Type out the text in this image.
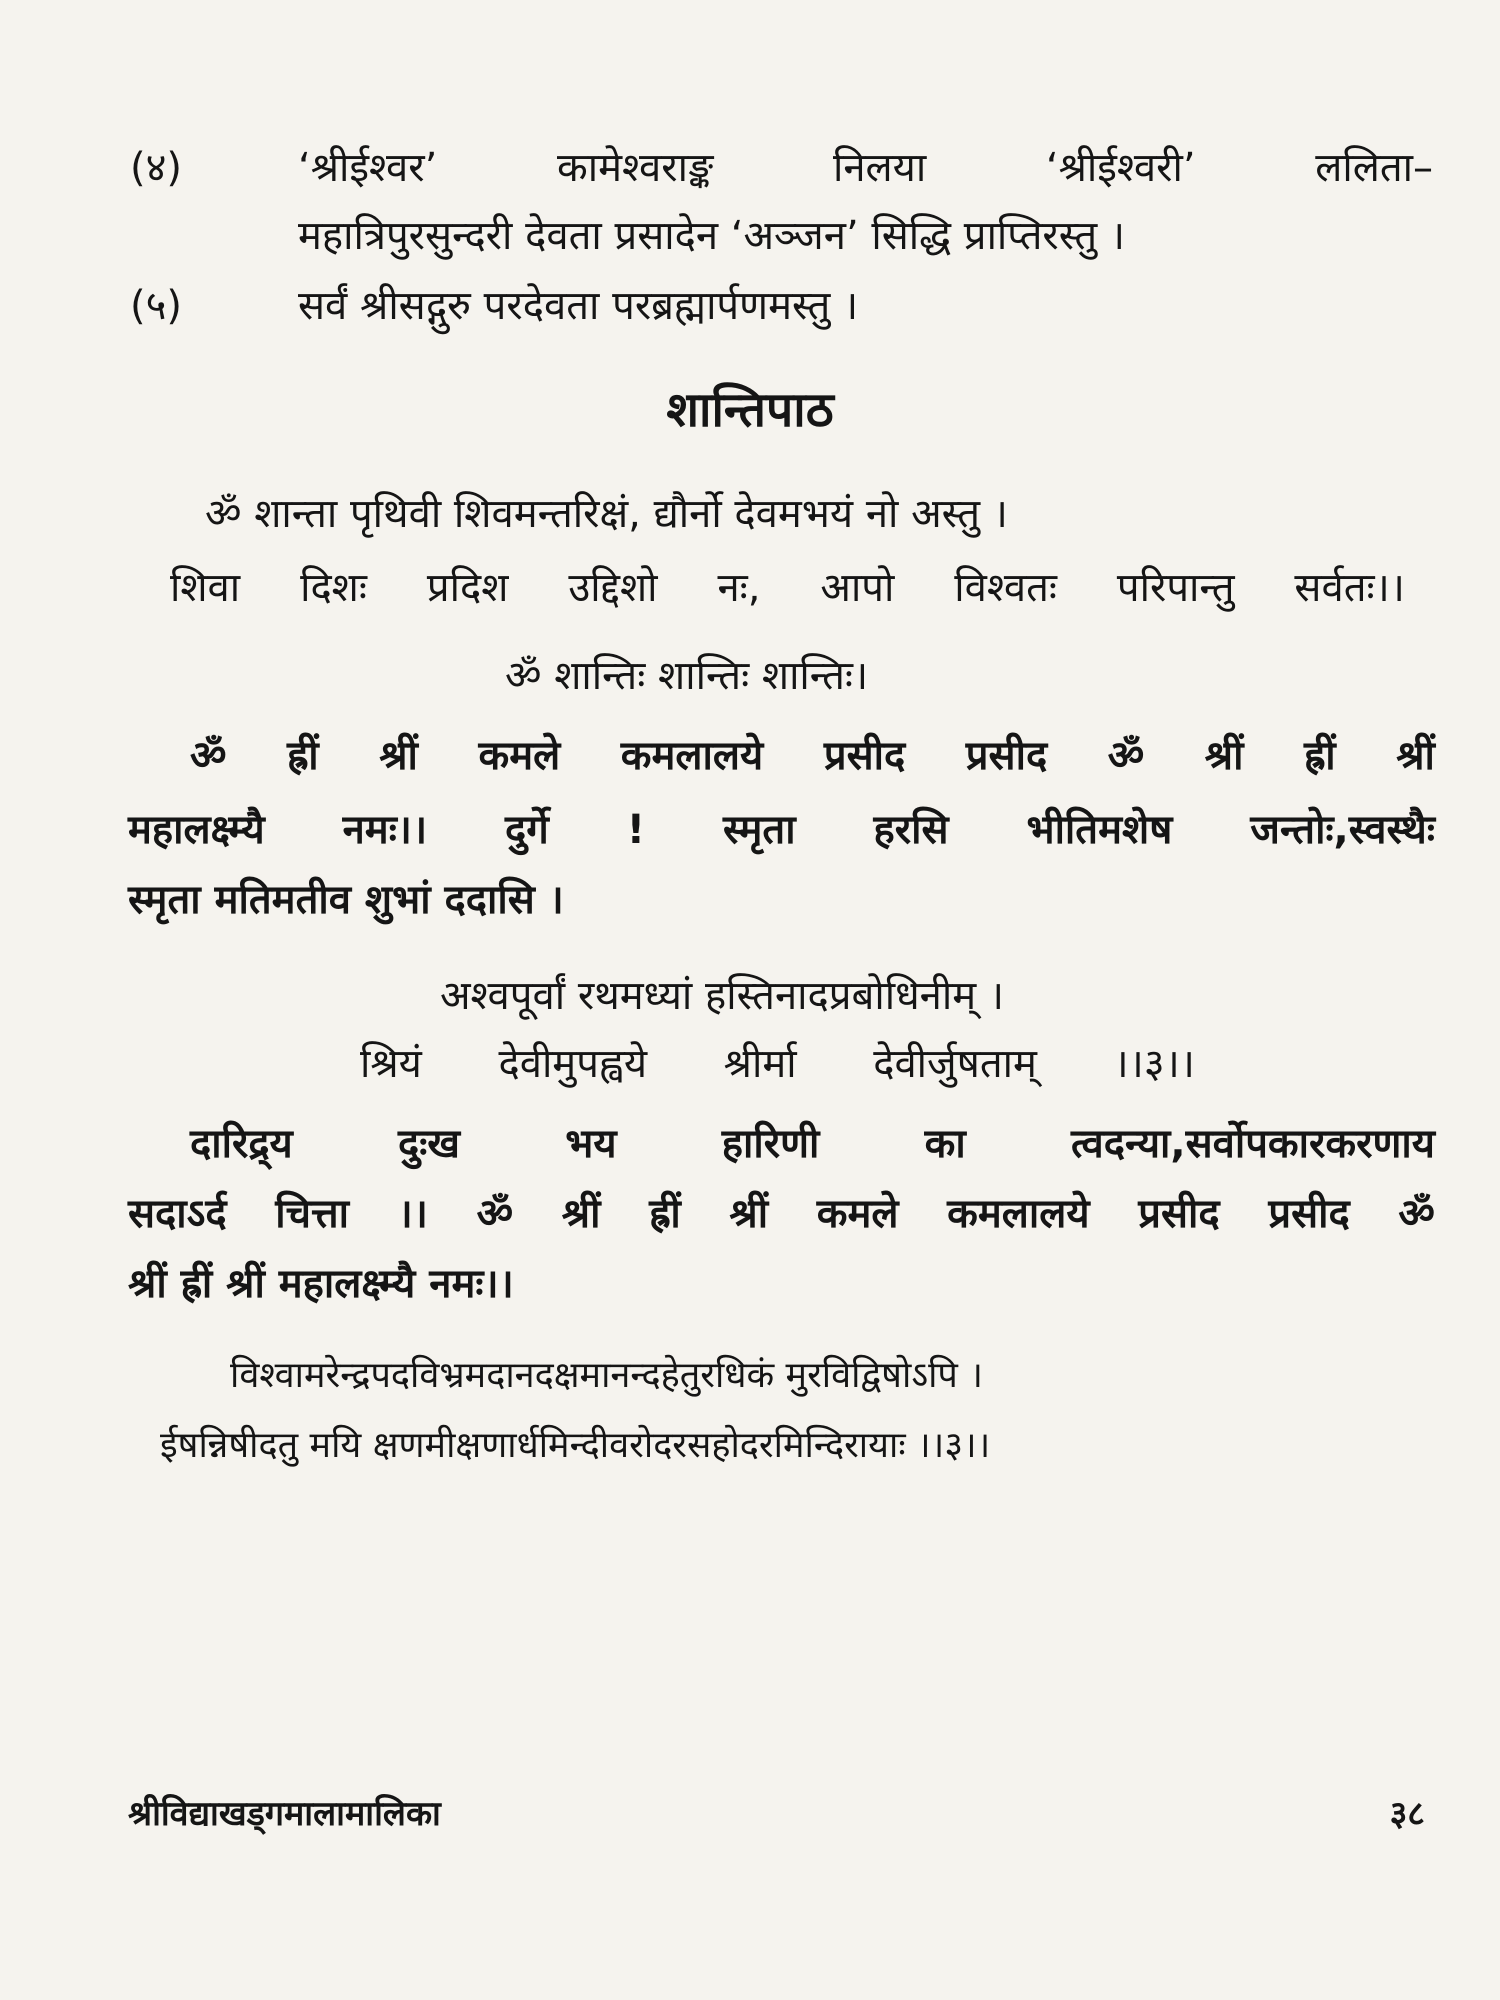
(४)	‘श्रीईश्वर’	कामेश्वराङ्क	निलया	‘श्रीईश्वरी’	ललिता–
महात्रिपुरसुन्दरी देवता प्रसादेन ‘अञ्जन’ सिद्धि प्राप्तिरस्तु ।
(५)	सर्वं श्रीसद्गुरु परदेवता परब्रह्मार्पणमस्तु ।
शान्तिपाठ
ॐ शान्ता पृथिवी शिवमन्तरिक्षं, द्यौर्नो देवमभयं नो अस्तु ।
शिवा दिशः प्रदिश उद्दिशो नः, आपो विश्वतः परिपान्तु सर्वतः।।
ॐ शान्तिः शान्तिः शान्तिः।
ॐ ह्रीं श्रीं कमले कमलालये प्रसीद प्रसीद ॐ श्रीं ह्रीं श्रीं
महालक्ष्म्यै नमः।। दुर्गे ! स्मृता हरसि भीतिमशेष जन्तोः,स्वस्थैः
स्मृता मतिमतीव शुभां ददासि ।
अश्वपूर्वां रथमध्यां हस्तिनादप्रबोधिनीम् ।
श्रियं देवीमुपह्वये श्रीर्मा देवीर्जुषताम् ।।३।।
दारिद्र्य	दुःख	भय	हारिणी	का	त्वदन्या,सर्वोपकारकरणाय
सदाऽर्द चित्ता ।। ॐ श्रीं ह्रीं श्रीं कमले कमलालये प्रसीद प्रसीद ॐ
श्रीं ह्रीं श्रीं महालक्ष्म्यै नमः।।
विश्वामरेन्द्रपदविभ्रमदानदक्षमानन्दहेतुरधिकं मुरविद्विषोऽपि ।
ईषन्निषीदतु मयि क्षणमीक्षणार्धमिन्दीवरोदरसहोदरमिन्दिरायाः ।।३।।
श्रीविद्याखड्गमालामालिका	३८
